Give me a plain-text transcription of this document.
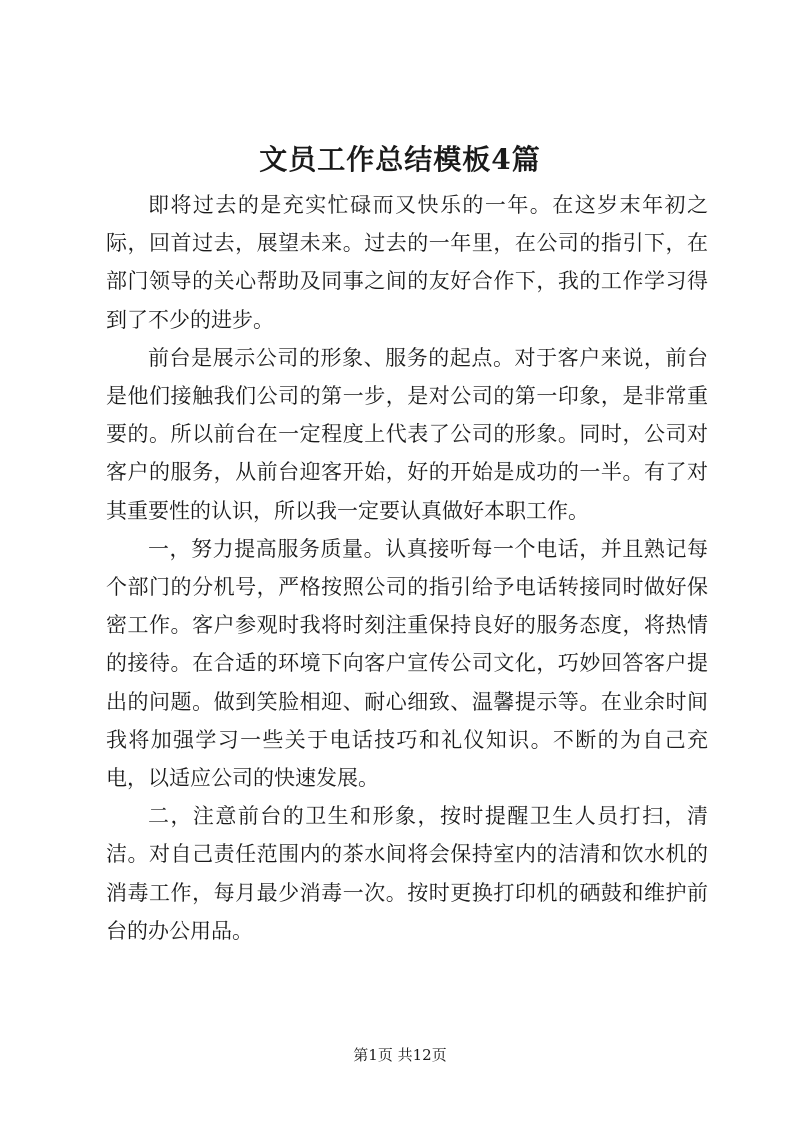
文员工作总结模板4篇

即将过去的是充实忙碌而又快乐的一年。在这岁末年初之际，回首过去，展望未来。过去的一年里，在公司的指引下，在部门领导的关心帮助及同事之间的友好合作下，我的工作学习得到了不少的进步。

前台是展示公司的形象、服务的起点。对于客户来说，前台是他们接触我们公司的第一步，是对公司的第一印象，是非常重要的。所以前台在一定程度上代表了公司的形象。同时，公司对客户的服务，从前台迎客开始，好的开始是成功的一半。有了对其重要性的认识，所以我一定要认真做好本职工作。

一，努力提高服务质量。认真接听每一个电话，并且熟记每个部门的分机号，严格按照公司的指引给予电话转接同时做好保密工作。客户参观时我将时刻注重保持良好的服务态度，将热情的接待。在合适的环境下向客户宣传公司文化，巧妙回答客户提出的问题。做到笑脸相迎、耐心细致、温馨提示等。在业余时间我将加强学习一些关于电话技巧和礼仪知识。不断的为自己充电，以适应公司的快速发展。

二，注意前台的卫生和形象，按时提醒卫生人员打扫，清洁。对自己责任范围内的茶水间将会保持室内的洁清和饮水机的消毒工作，每月最少消毒一次。按时更换打印机的硒鼓和维护前台的办公用品。

第1页 共12页
